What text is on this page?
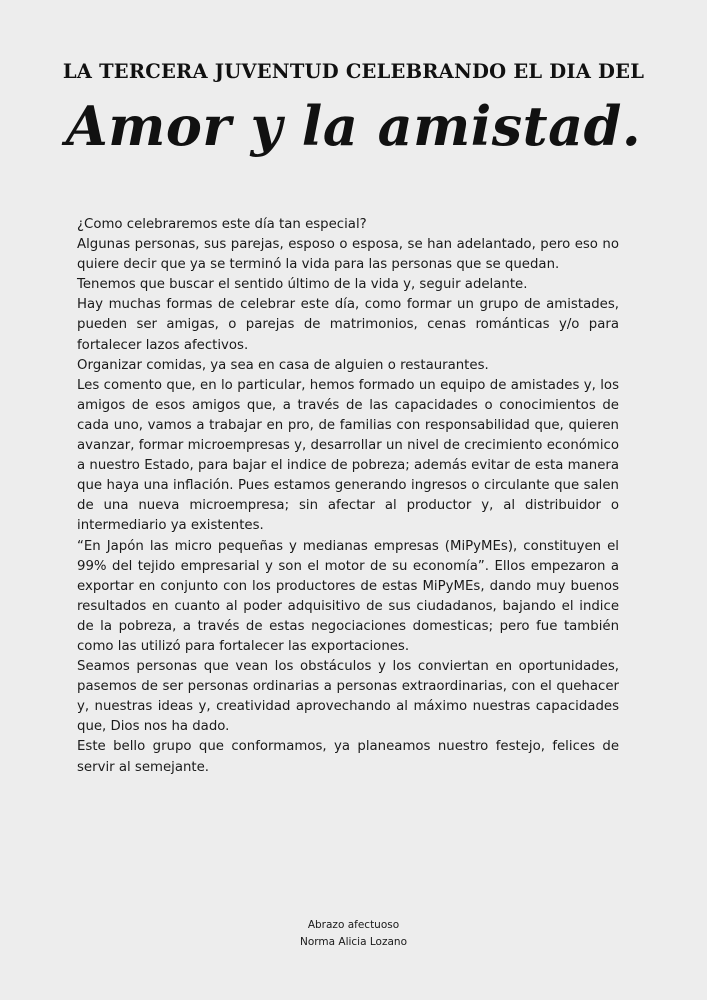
LA TERCERA JUVENTUD CELEBRANDO EL DIA DEL
Amor y la amistad.

¿Como celebraremos este día tan especial?

Algunas personas, sus parejas, esposo o esposa, se han adelantado, pero eso no quiere decir que ya se terminó la vida para las personas que se quedan.

Tenemos que buscar el sentido último de la vida y, seguir adelante.

Hay muchas formas de celebrar este día, como formar un grupo de amistades, pueden ser amigas, o parejas de matrimonios, cenas románticas y/o para fortalecer lazos afectivos.

Organizar comidas, ya sea en casa de alguien o restaurantes.

Les comento que, en lo particular, hemos formado un equipo de amistades y, los amigos de esos amigos que, a través de las capacidades o conocimientos de cada uno, vamos a trabajar en pro, de familias con responsabilidad que, quieren avanzar, formar microempresas y, desarrollar un nivel de crecimiento económico a nuestro Estado, para bajar el indice de pobreza; además evitar de esta manera que haya una inflación. Pues estamos generando ingresos o circulante que salen de una nueva microempresa; sin afectar al productor y, al distribuidor o intermediario ya existentes.

“En Japón las micro pequeñas y medianas empresas (MiPyMEs), constituyen el 99% del tejido empresarial y son el motor de su economía”. Ellos empezaron a exportar en conjunto con los productores de estas MiPyMEs, dando muy buenos resultados en cuanto al poder adquisitivo de sus ciudadanos, bajando el indice de la pobreza, a través de estas negociaciones domesticas; pero fue también como las utilizó para fortalecer las exportaciones.

Seamos personas que vean los obstáculos y los conviertan en oportunidades, pasemos de ser personas ordinarias a personas extraordinarias, con el quehacer y, nuestras ideas y, creatividad aprovechando al máximo nuestras capacidades que, Dios nos ha dado.

Este bello grupo que conformamos, ya planeamos nuestro festejo, felices de servir al semejante.

Abrazo afectuoso
Norma Alicia Lozano
